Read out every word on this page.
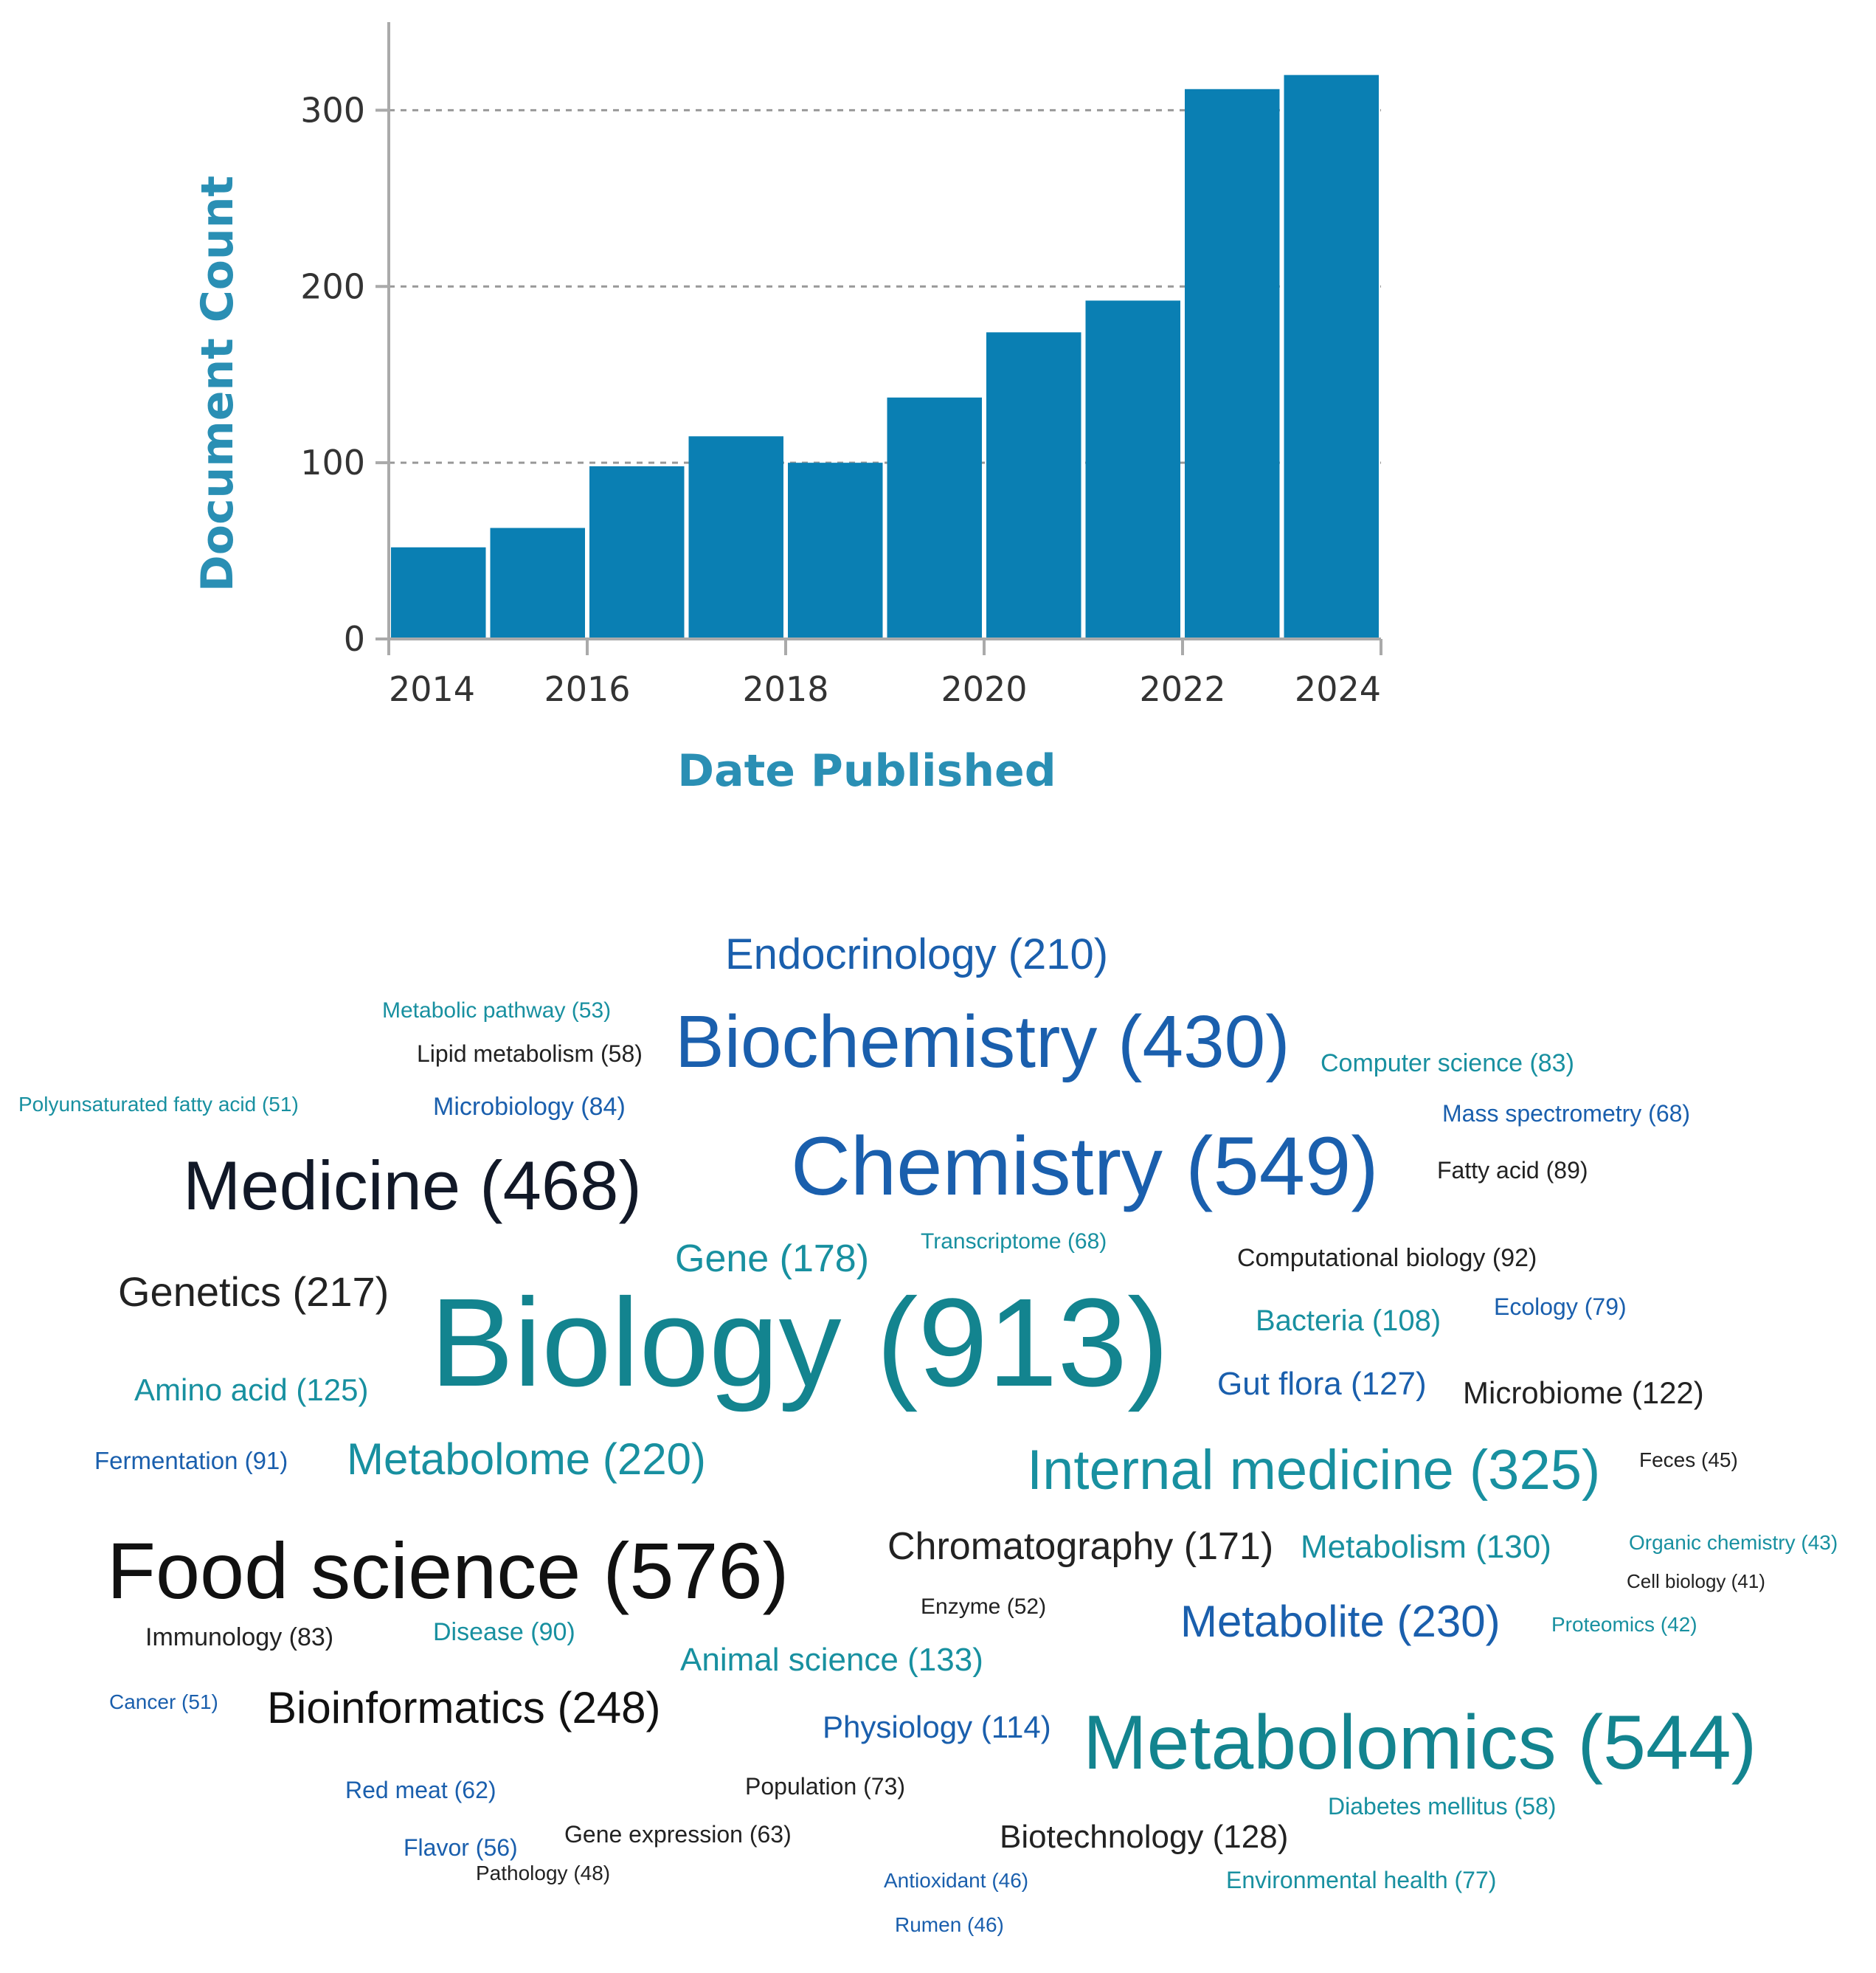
0
100
200
300
2014 2016	2018	2020	2022 2024
Date Published
Document Count
Endocrinology (210)
Metabolic pathway (53)
Lipid metabolism (58) Biochemistry (430) Computer science (83)
Polyunsaturated fatty acid (51)	Microbiology (84)	Mass spectrometry (68)
Medicine (468) Chemistry (549) Fatty acid (89)
Gene (178) Transcriptome (68)
Computational biology (92)
Genetics (217) Biology (913)	Bacteria (108) Ecology (79)
Amino acid (125)	Gut flora (127) Microbiome (122)
Fermentation (91) Metabolome (220)	Internal medicine (325) Feces (45)
Food science (576)	Chromatography (171) Metabolism (130)	Organic chemistry (43)
Cell biology (41)
Enzyme (52)	Metabolite (230) Proteomics (42)
Immunology (83)	Disease (90)
Animal science (133)
Cancer (51) Bioinformatics (248)	Physiology (114) Metabolomics (544)
Red meat (62)	Population (73)
Diabetes mellitus (58)
Gene expression (63)	Biotechnology (128)
Flavor (56)
Pathology (48)	Antioxidant (46)	Environmental health (77)
Rumen (46)
